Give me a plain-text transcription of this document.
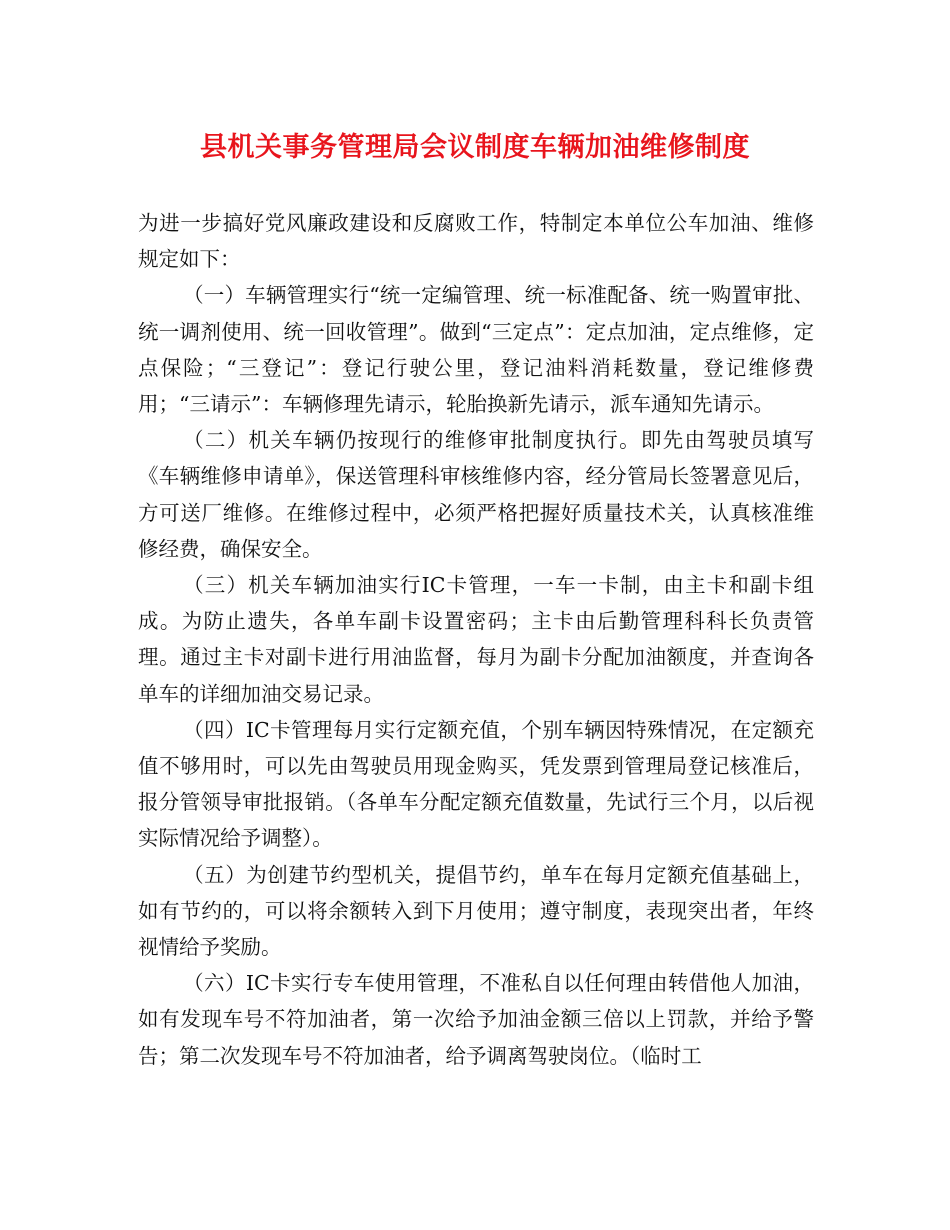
县机关事务管理局会议制度车辆加油维修制度

为进一步搞好党风廉政建设和反腐败工作，特制定本单位公车加油、维修规定如下：

（一）车辆管理实行“统一定编管理、统一标准配备、统一购置审批、统一调剂使用、统一回收管理”。做到“三定点”：定点加油，定点维修，定点保险；“三登记”：登记行驶公里，登记油料消耗数量，登记维修费用；“三请示”：车辆修理先请示，轮胎换新先请示，派车通知先请示。

（二）机关车辆仍按现行的维修审批制度执行。即先由驾驶员填写《车辆维修申请单》，保送管理科审核维修内容，经分管局长签署意见后，方可送厂维修。在维修过程中，必须严格把握好质量技术关，认真核准维修经费，确保安全。

（三）机关车辆加油实行IC卡管理，一车一卡制，由主卡和副卡组成。为防止遗失，各单车副卡设置密码；主卡由后勤管理科科长负责管理。通过主卡对副卡进行用油监督，每月为副卡分配加油额度，并查询各单车的详细加油交易记录。

（四）IC卡管理每月实行定额充值，个别车辆因特殊情况，在定额充值不够用时，可以先由驾驶员用现金购买，凭发票到管理局登记核准后，报分管领导审批报销。（各单车分配定额充值数量，先试行三个月，以后视实际情况给予调整）。

（五）为创建节约型机关，提倡节约，单车在每月定额充值基础上，如有节约的，可以将余额转入到下月使用；遵守制度，表现突出者，年终视情给予奖励。

（六）IC卡实行专车使用管理，不准私自以任何理由转借他人加油，如有发现车号不符加油者，第一次给予加油金额三倍以上罚款，并给予警告；第二次发现车号不符加油者，给予调离驾驶岗位。（临时工
